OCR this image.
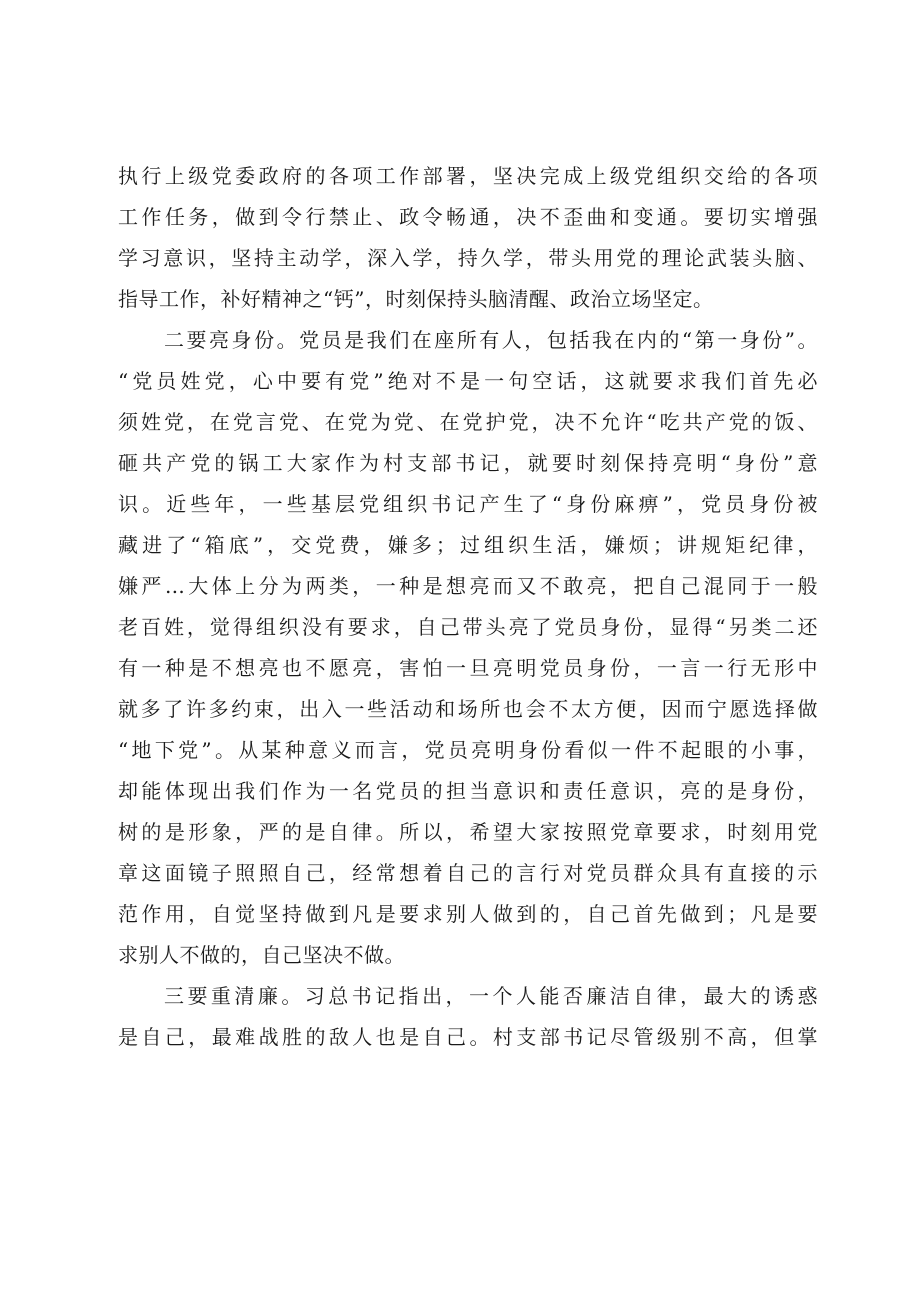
执行上级党委政府的各项工作部署，坚决完成上级党组织交给的各项
工作任务，做到令行禁止、政令畅通，决不歪曲和变通。要切实增强
学习意识，坚持主动学，深入学，持久学，带头用党的理论武装头脑、
指导工作，补好精神之“钙”，时刻保持头脑清醒、政治立场坚定。
二要亮身份。党员是我们在座所有人，包括我在内的“第一身份”。
“党员姓党，心中要有党”绝对不是一句空话，这就要求我们首先必
须姓党，在党言党、在党为党、在党护党，决不允许“吃共产党的饭、
砸共产党的锅工大家作为村支部书记，就要时刻保持亮明“身份”意
识。近些年，一些基层党组织书记产生了“身份麻痹”，党员身份被
藏进了“箱底”，交党费，嫌多；过组织生活，嫌烦；讲规矩纪律，
嫌严…大体上分为两类，一种是想亮而又不敢亮，把自己混同于一般
老百姓，觉得组织没有要求，自己带头亮了党员身份，显得“另类二还
有一种是不想亮也不愿亮，害怕一旦亮明党员身份，一言一行无形中
就多了许多约束，出入一些活动和场所也会不太方便，因而宁愿选择做
“地下党”。从某种意义而言，党员亮明身份看似一件不起眼的小事，
却能体现出我们作为一名党员的担当意识和责任意识，亮的是身份，
树的是形象，严的是自律。所以，希望大家按照党章要求，时刻用党
章这面镜子照照自己，经常想着自己的言行对党员群众具有直接的示
范作用，自觉坚持做到凡是要求别人做到的，自己首先做到；凡是要
求别人不做的，自己坚决不做。
三要重清廉。习总书记指出，一个人能否廉洁自律，最大的诱惑
是自己，最难战胜的敌人也是自己。村支部书记尽管级别不高，但掌
